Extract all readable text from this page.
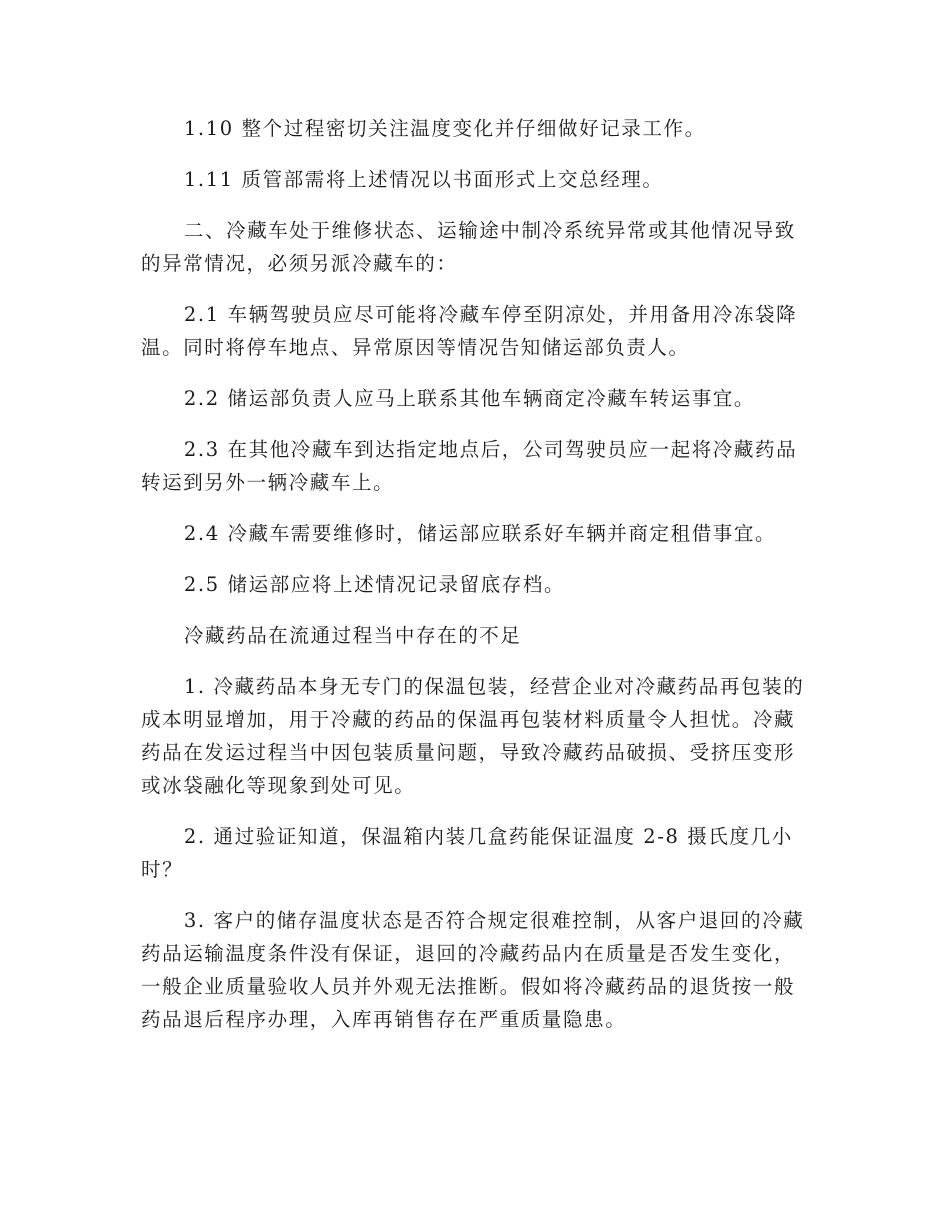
1.10 整个过程密切关注温度变化并仔细做好记录工作。

1.11 质管部需将上述情况以书面形式上交总经理。

二、冷藏车处于维修状态、运输途中制冷系统异常或其他情况导致的异常情况，必须另派冷藏车的：

2.1 车辆驾驶员应尽可能将冷藏车停至阴凉处，并用备用冷冻袋降温。同时将停车地点、异常原因等情况告知储运部负责人。

2.2 储运部负责人应马上联系其他车辆商定冷藏车转运事宜。

2.3 在其他冷藏车到达指定地点后，公司驾驶员应一起将冷藏药品转运到另外一辆冷藏车上。

2.4 冷藏车需要维修时，储运部应联系好车辆并商定租借事宜。

2.5 储运部应将上述情况记录留底存档。

冷藏药品在流通过程当中存在的不足

1. 冷藏药品本身无专门的保温包装，经营企业对冷藏药品再包装的成本明显增加，用于冷藏的药品的保温再包装材料质量令人担忧。冷藏药品在发运过程当中因包装质量问题，导致冷藏药品破损、受挤压变形或冰袋融化等现象到处可见。

2. 通过验证知道，保温箱内装几盒药能保证温度 2-8 摄氏度几小时？

3. 客户的储存温度状态是否符合规定很难控制，从客户退回的冷藏药品运输温度条件没有保证，退回的冷藏药品内在质量是否发生变化，一般企业质量验收人员并外观无法推断。假如将冷藏药品的退货按一般药品退后程序办理，入库再销售存在严重质量隐患。
